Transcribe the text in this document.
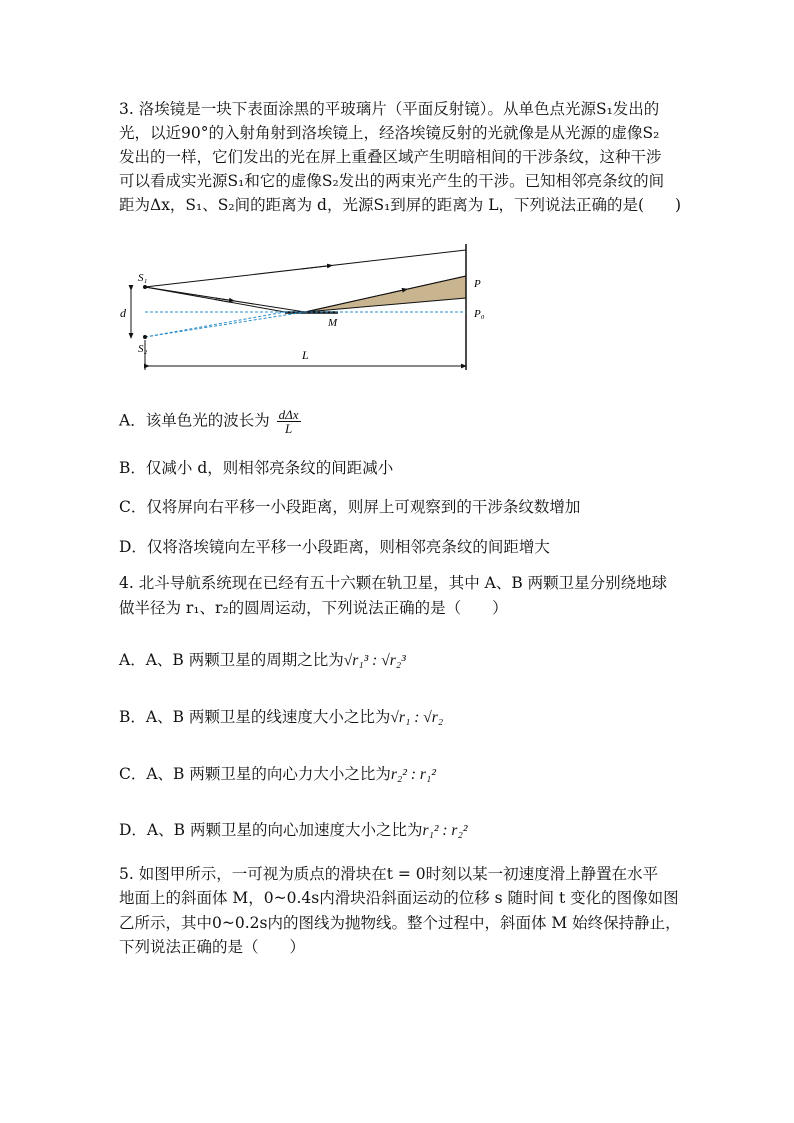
3. 洛埃镜是一块下表面涂黑的平玻璃片（平面反射镜）。从单色点光源S₁发出的
光，以近90°的入射角射到洛埃镜上，经洛埃镜反射的光就像是从光源的虚像S₂
发出的一样，它们发出的光在屏上重叠区域产生明暗相间的干涉条纹，这种干涉
可以看成实光源S₁和它的虚像S₂发出的两束光产生的干涉。已知相邻亮条纹的间
距为Δx，S₁、S₂间的距离为 d，光源S₁到屏的距离为 L，下列说法正确的是(　　)
S₁
S₂
d
M
P
P₀
L
A．该单色光的波长为 $\frac{\text{dΔx}}{L}$
B．仅减小 d，则相邻亮条纹的间距减小
C．仅将屏向右平移一小段距离，则屏上可观察到的干涉条纹数增加
D．仅将洛埃镜向左平移一小段距离，则相邻亮条纹的间距增大
4. 北斗导航系统现在已经有五十六颗在轨卫星，其中 A、B 两颗卫星分别绕地球
做半径为 r₁、r₂的圆周运动，下列说法正确的是（　　）
A．A、B 两颗卫星的周期之比为√r₁³ : √r₂³
B．A、B 两颗卫星的线速度大小之比为√r₁ : √r₂
C．A、B 两颗卫星的向心力大小之比为r₂² : r₁²
D．A、B 两颗卫星的向心加速度大小之比为r₁² : r₂²
5. 如图甲所示，一可视为质点的滑块在t = 0时刻以某一初速度滑上静置在水平
地面上的斜面体 M，0~0.4s内滑块沿斜面运动的位移 s 随时间 t 变化的图像如图
乙所示，其中0~0.2s内的图线为抛物线。整个过程中，斜面体 M 始终保持静止，
下列说法正确的是（　　）
